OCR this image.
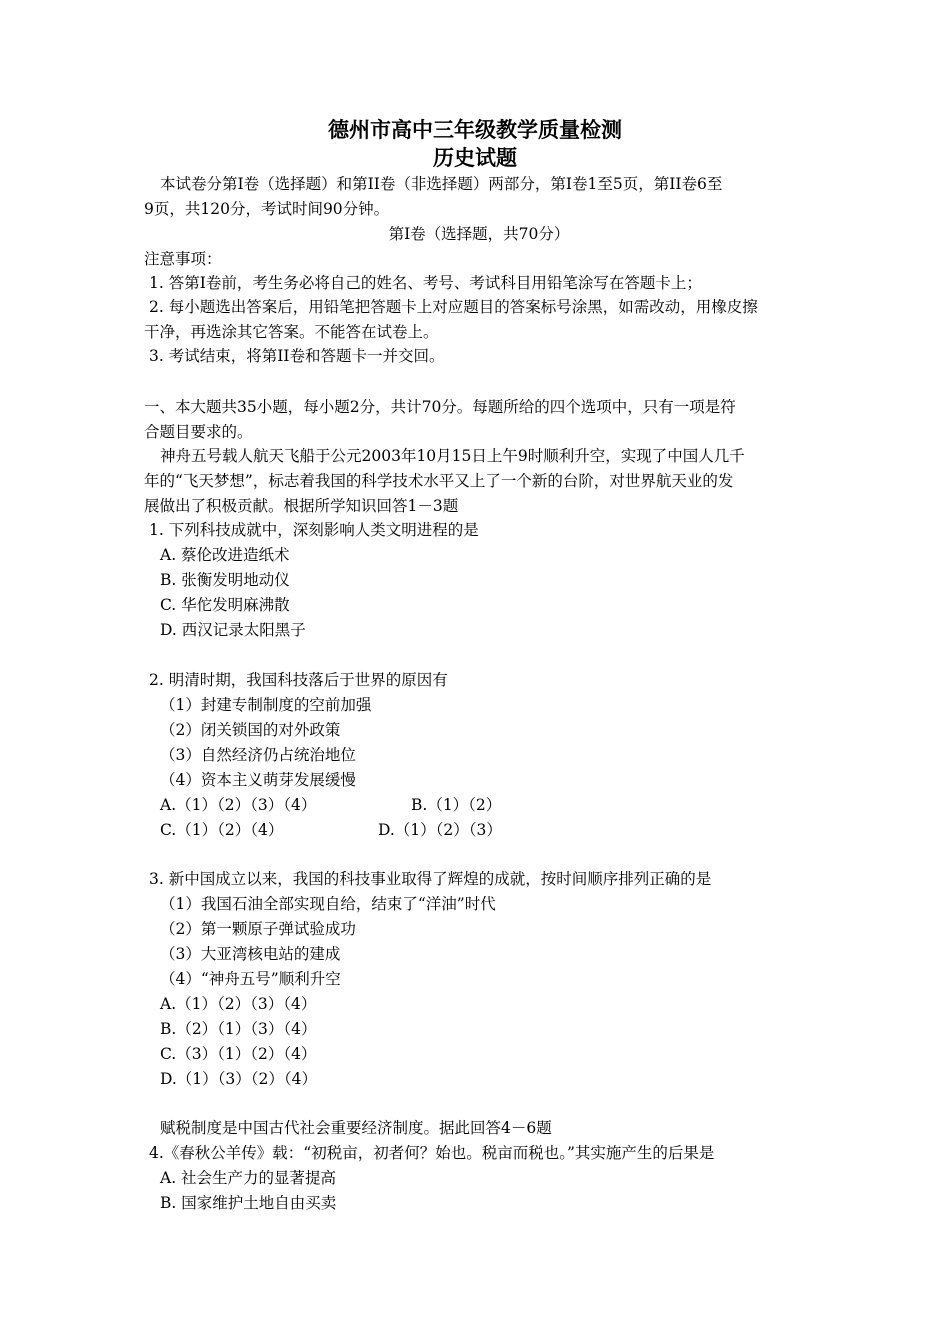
德州市高中三年级教学质量检测
历史试题
本试卷分第I卷（选择题）和第II卷（非选择题）两部分，第I卷1至5页，第II卷6至
9页，共120分，考试时间90分钟。
第I卷（选择题，共70分）
注意事项：
1. 答第I卷前，考生务必将自己的姓名、考号、考试科目用铅笔涂写在答题卡上；
2. 每小题选出答案后，用铅笔把答题卡上对应题目的答案标号涂黑，如需改动，用橡皮擦
干净，再选涂其它答案。不能答在试卷上。
3. 考试结束，将第II卷和答题卡一并交回。
一、本大题共35小题，每小题2分，共计70分。每题所给的四个选项中，只有一项是符
合题目要求的。
神舟五号载人航天飞船于公元2003年10月15日上午9时顺利升空，实现了中国人几千
年的“飞天梦想”，标志着我国的科学技术水平又上了一个新的台阶，对世界航天业的发
展做出了积极贡献。根据所学知识回答1－3题
1. 下列科技成就中，深刻影响人类文明进程的是
A. 蔡伦改进造纸术
B. 张衡发明地动仪
C. 华佗发明麻沸散
D. 西汉记录太阳黑子
2. 明清时期，我国科技落后于世界的原因有
（1）封建专制制度的空前加强
（2）闭关锁国的对外政策
（3）自然经济仍占统治地位
（4）资本主义萌芽发展缓慢
A.（1）（2）（3）（4）	B.（1）（2）
C.（1）（2）（4）	D.（1）（2）（3）
3. 新中国成立以来，我国的科技事业取得了辉煌的成就，按时间顺序排列正确的是
（1）我国石油全部实现自给，结束了“洋油”时代
（2）第一颗原子弹试验成功
（3）大亚湾核电站的建成
（4）“神舟五号”顺利升空
A.（1）（2）（3）（4）
B.（2）（1）（3）（4）
C.（3）（1）（2）（4）
D.（1）（3）（2）（4）
赋税制度是中国古代社会重要经济制度。据此回答4－6题
4.《春秋公羊传》载：“初税亩，初者何？始也。税亩而税也。”其实施产生的后果是
A. 社会生产力的显著提高
B. 国家维护土地自由买卖
